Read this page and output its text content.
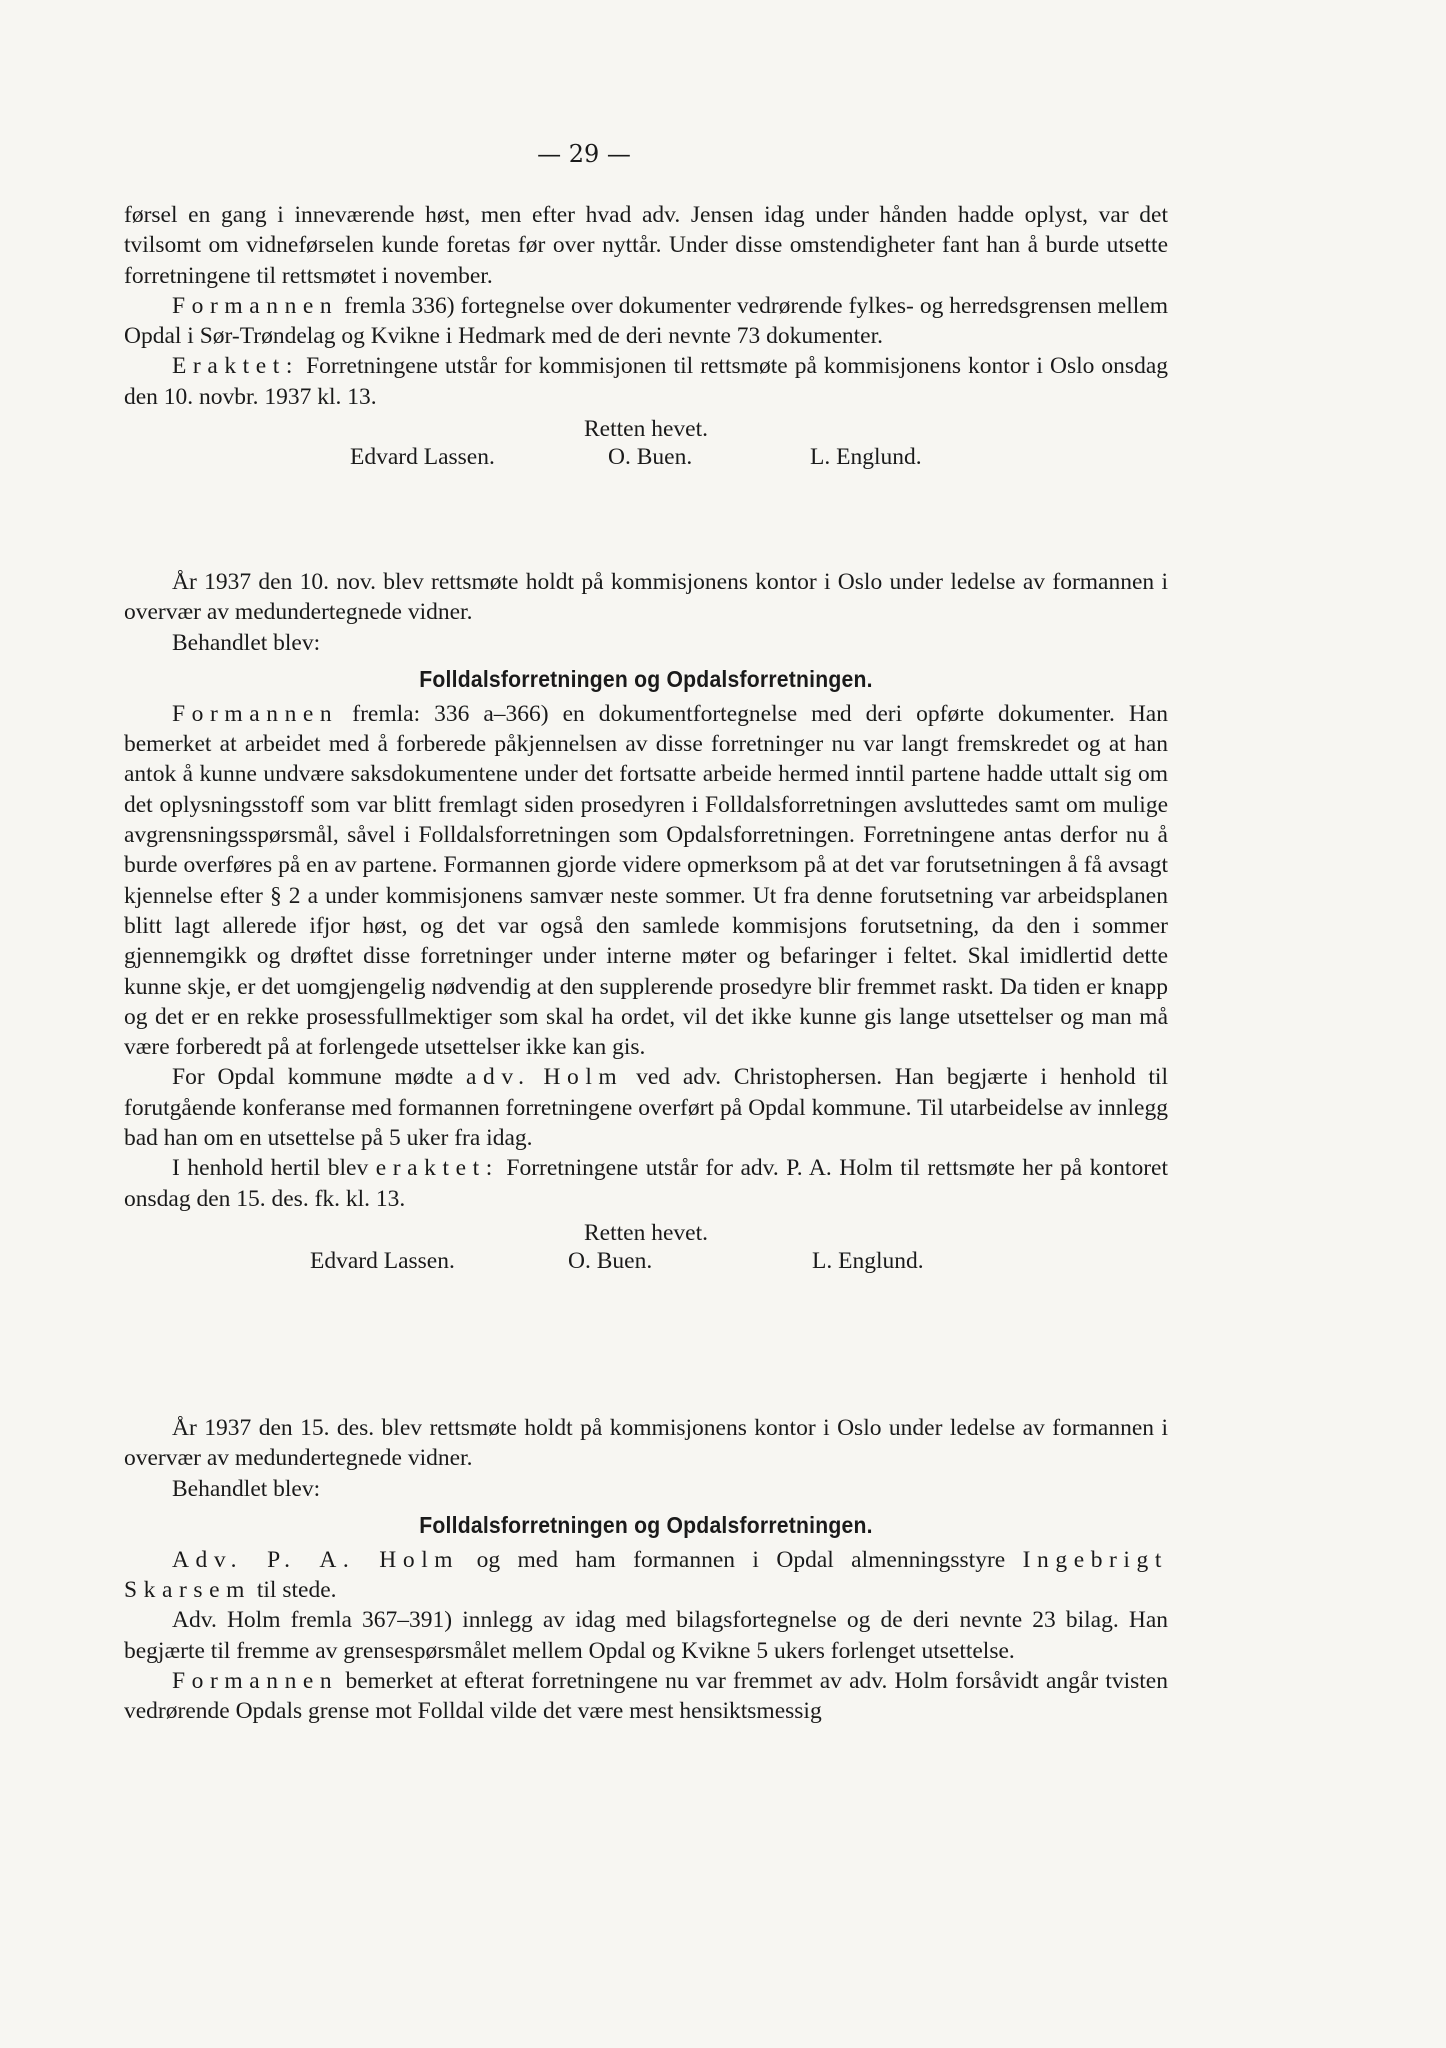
— 29 —

førsel en gang i inneværende høst, men efter hvad adv. Jensen idag under hånden hadde oplyst, var det tvilsomt om vidneførselen kunde foretas før over nyttår. Under disse omstendigheter fant han å burde utsette forretningene til rettsmøtet i november.

Formannen fremla 336) fortegnelse over dokumenter vedrørende fylkes- og herredsgrensen mellem Opdal i Sør-Trøndelag og Kvikne i Hedmark med de deri nevnte 73 dokumenter.

Eraktet: Forretningene utstår for kommisjonen til rettsmøte på kommisjonens kontor i Oslo onsdag den 10. novbr. 1937 kl. 13.

Retten hevet.
Edvard Lassen.	O. Buen.	L. Englund.

År 1937 den 10. nov. blev rettsmøte holdt på kommisjonens kontor i Oslo under ledelse av formannen i overvær av medundertegnede vidner.

Behandlet blev:

Folldalsforretningen og Opdalsforretningen.

Formannen fremla: 336 a–366) en dokumentfortegnelse med deri opførte dokumenter. Han bemerket at arbeidet med å forberede påkjennelsen av disse forretninger nu var langt fremskredet og at han antok å kunne undvære saksdokumentene under det fortsatte arbeide hermed inntil partene hadde uttalt sig om det oplysningsstoff som var blitt fremlagt siden prosedyren i Folldalsforretningen avsluttedes samt om mulige avgrensningsspørsmål, såvel i Folldalsforretningen som Opdalsforretningen. Forretningene antas derfor nu å burde overføres på en av partene. Formannen gjorde videre opmerksom på at det var forutsetningen å få avsagt kjennelse efter § 2 a under kommisjonens samvær neste sommer. Ut fra denne forutsetning var arbeidsplanen blitt lagt allerede ifjor høst, og det var også den samlede kommisjons forutsetning, da den i sommer gjennemgikk og drøftet disse forretninger under interne møter og befaringer i feltet. Skal imidlertid dette kunne skje, er det uomgjengelig nødvendig at den supplerende prosedyre blir fremmet raskt. Da tiden er knapp og det er en rekke prosessfullmektiger som skal ha ordet, vil det ikke kunne gis lange utsettelser og man må være forberedt på at forlengede utsettelser ikke kan gis.

For Opdal kommune mødte adv. Holm ved adv. Christophersen. Han begjærte i henhold til forutgående konferanse med formannen forretningene overført på Opdal kommune. Til utarbeidelse av innlegg bad han om en utsettelse på 5 uker fra idag.

I henhold hertil blev eraktet: Forretningene utstår for adv. P. A. Holm til rettsmøte her på kontoret onsdag den 15. des. fk. kl. 13.

Retten hevet.
Edvard Lassen.	O. Buen.	L. Englund.

År 1937 den 15. des. blev rettsmøte holdt på kommisjonens kontor i Oslo under ledelse av formannen i overvær av medundertegnede vidner.

Behandlet blev:

Folldalsforretningen og Opdalsforretningen.

Adv. P. A. Holm og med ham formannen i Opdal almenningsstyre Ingebrigt Skarsem til stede.

Adv. Holm fremla 367–391) innlegg av idag med bilagsfortegnelse og de deri nevnte 23 bilag. Han begjærte til fremme av grensespørsmålet mellem Opdal og Kvikne 5 ukers forlenget utsettelse.

Formannen bemerket at efterat forretningene nu var fremmet av adv. Holm forsåvidt angår tvisten vedrørende Opdals grense mot Folldal vilde det være mest hensiktsmessig
